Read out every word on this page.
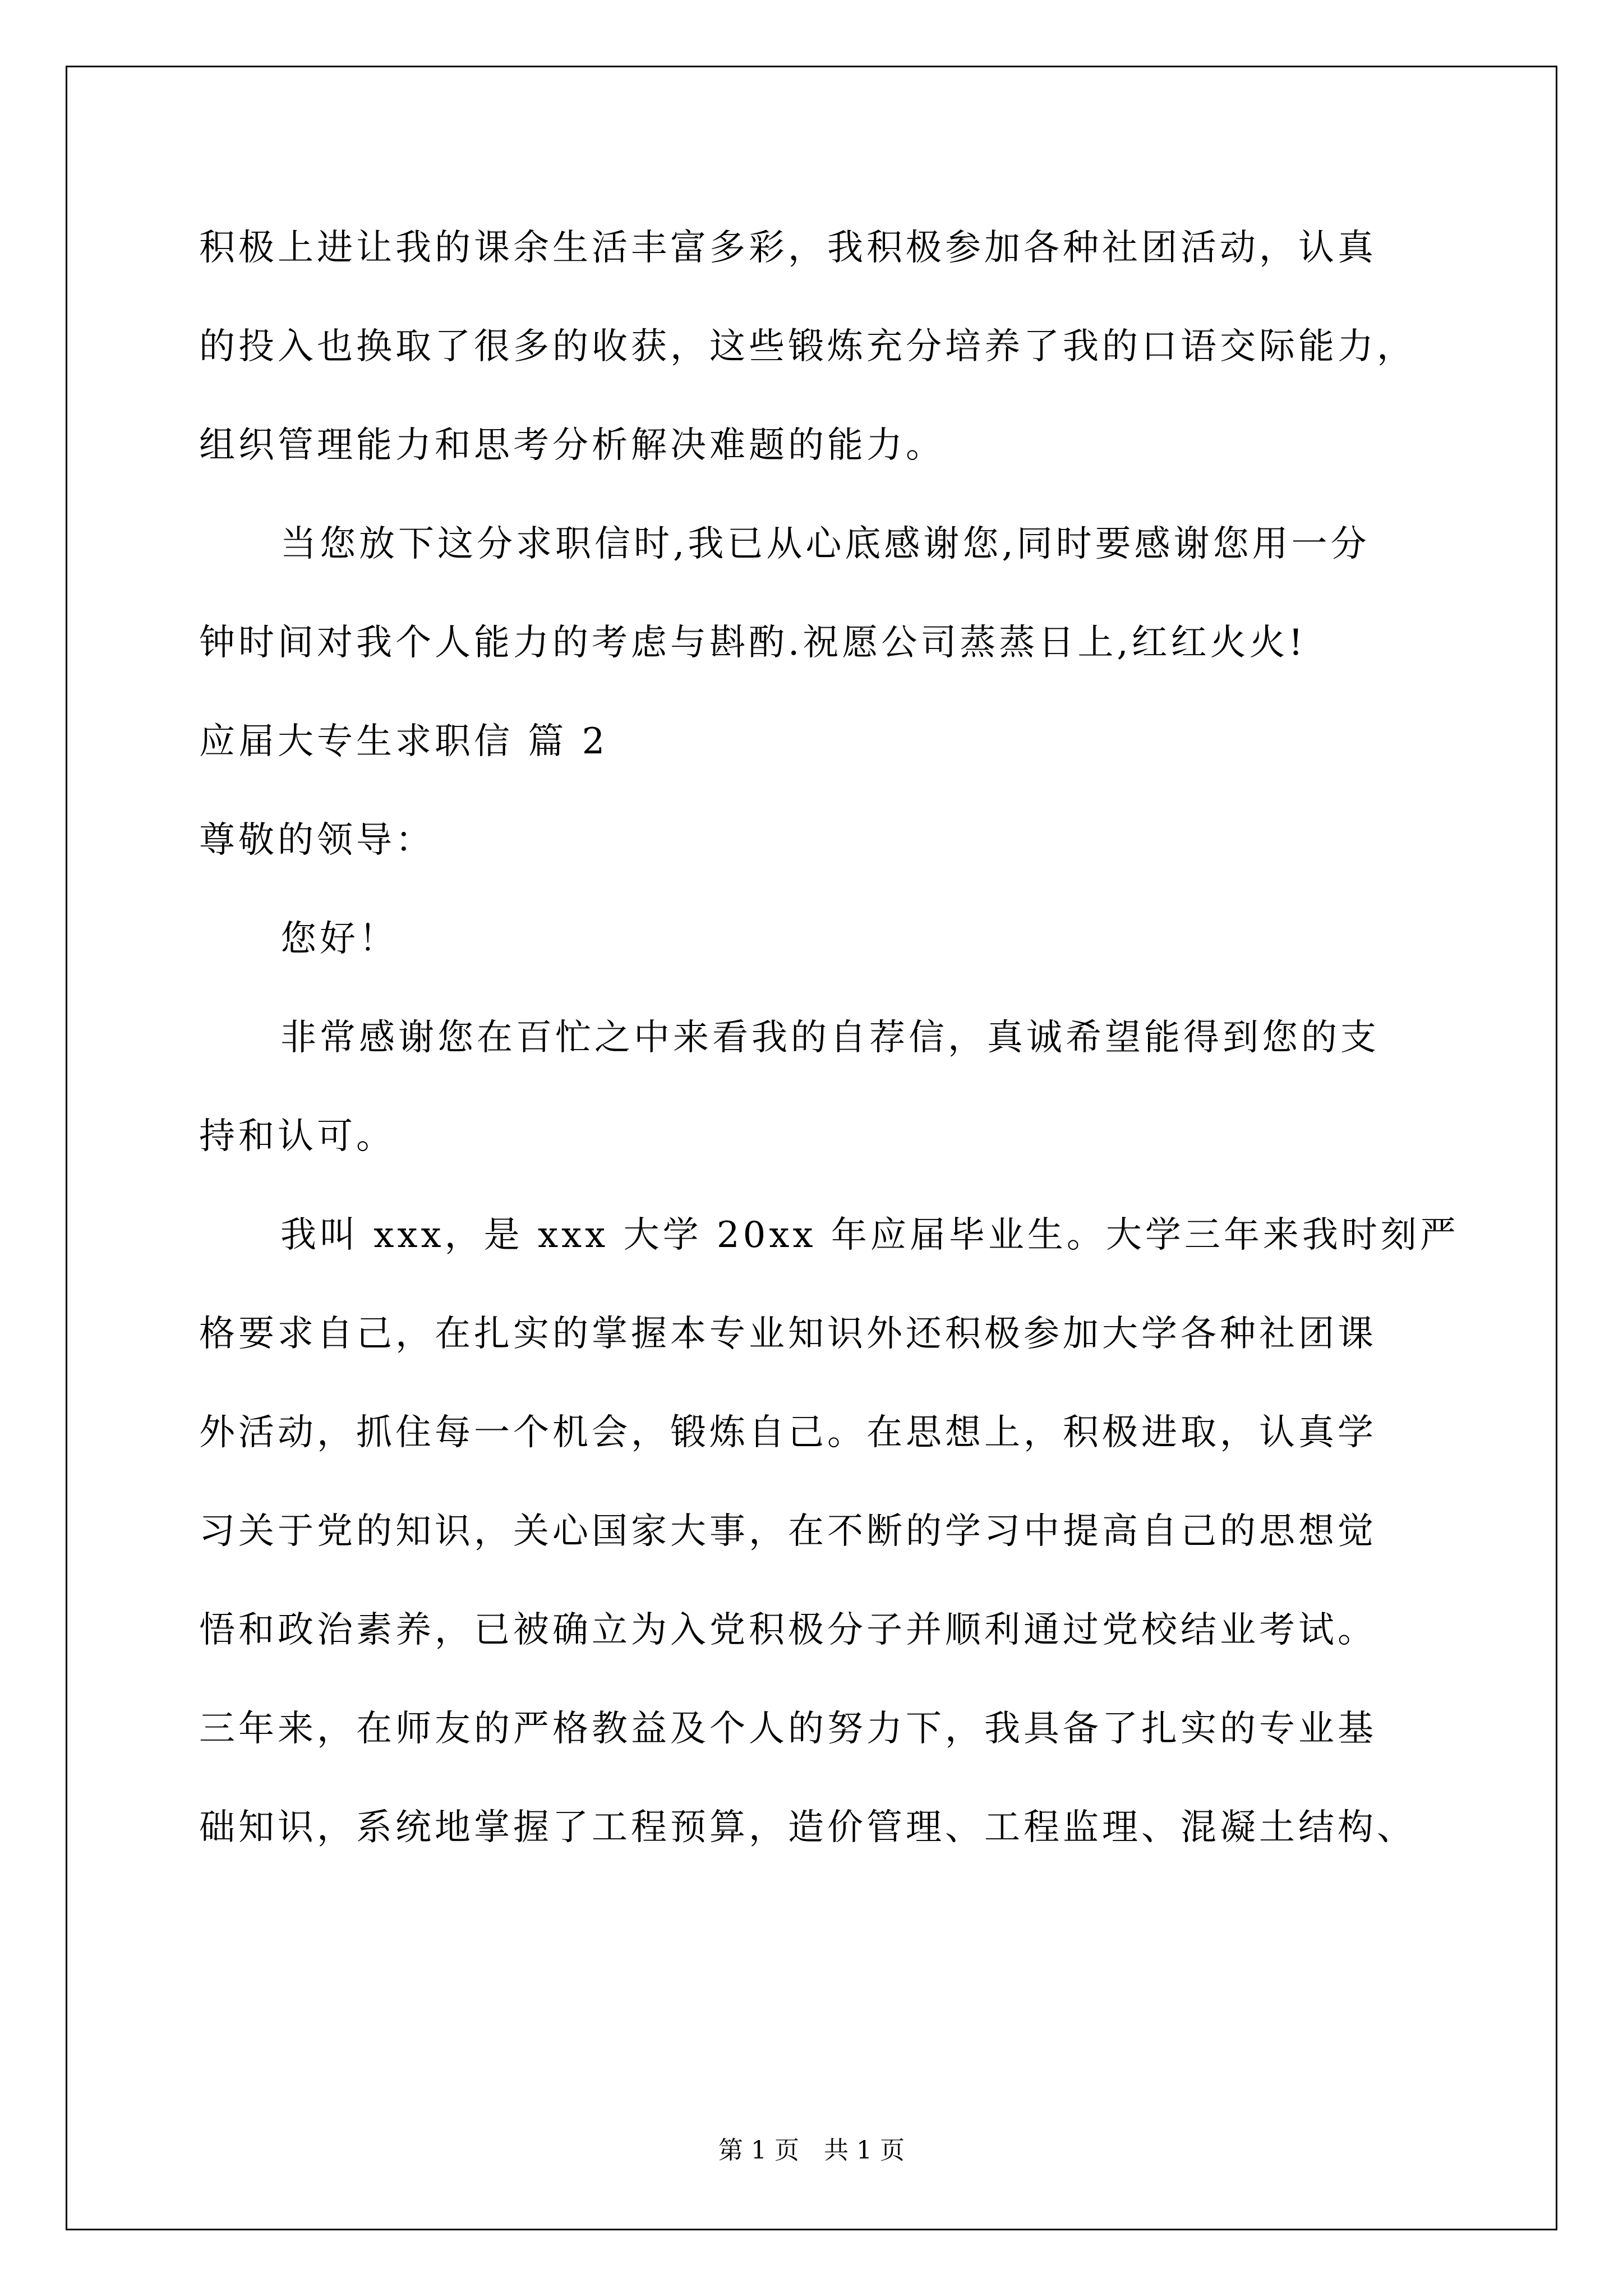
积极上进让我的课余生活丰富多彩，我积极参加各种社团活动，认真
的投入也换取了很多的收获，这些锻炼充分培养了我的口语交际能力，
组织管理能力和思考分析解决难题的能力。
当您放下这分求职信时,我已从心底感谢您,同时要感谢您用一分
钟时间对我个人能力的考虑与斟酌.祝愿公司蒸蒸日上,红红火火!
应届大专生求职信 篇 2
尊敬的领导：
您好！
非常感谢您在百忙之中来看我的自荐信，真诚希望能得到您的支
持和认可。
我叫 xxx，是 xxx 大学 20xx 年应届毕业生。大学三年来我时刻严
格要求自己，在扎实的掌握本专业知识外还积极参加大学各种社团课
外活动，抓住每一个机会，锻炼自己。在思想上，积极进取，认真学
习关于党的知识，关心国家大事，在不断的学习中提高自己的思想觉
悟和政治素养，已被确立为入党积极分子并顺利通过党校结业考试。
三年来，在师友的严格教益及个人的努力下，我具备了扎实的专业基
础知识，系统地掌握了工程预算，造价管理、工程监理、混凝土结构、
第 1 页　共 1 页
